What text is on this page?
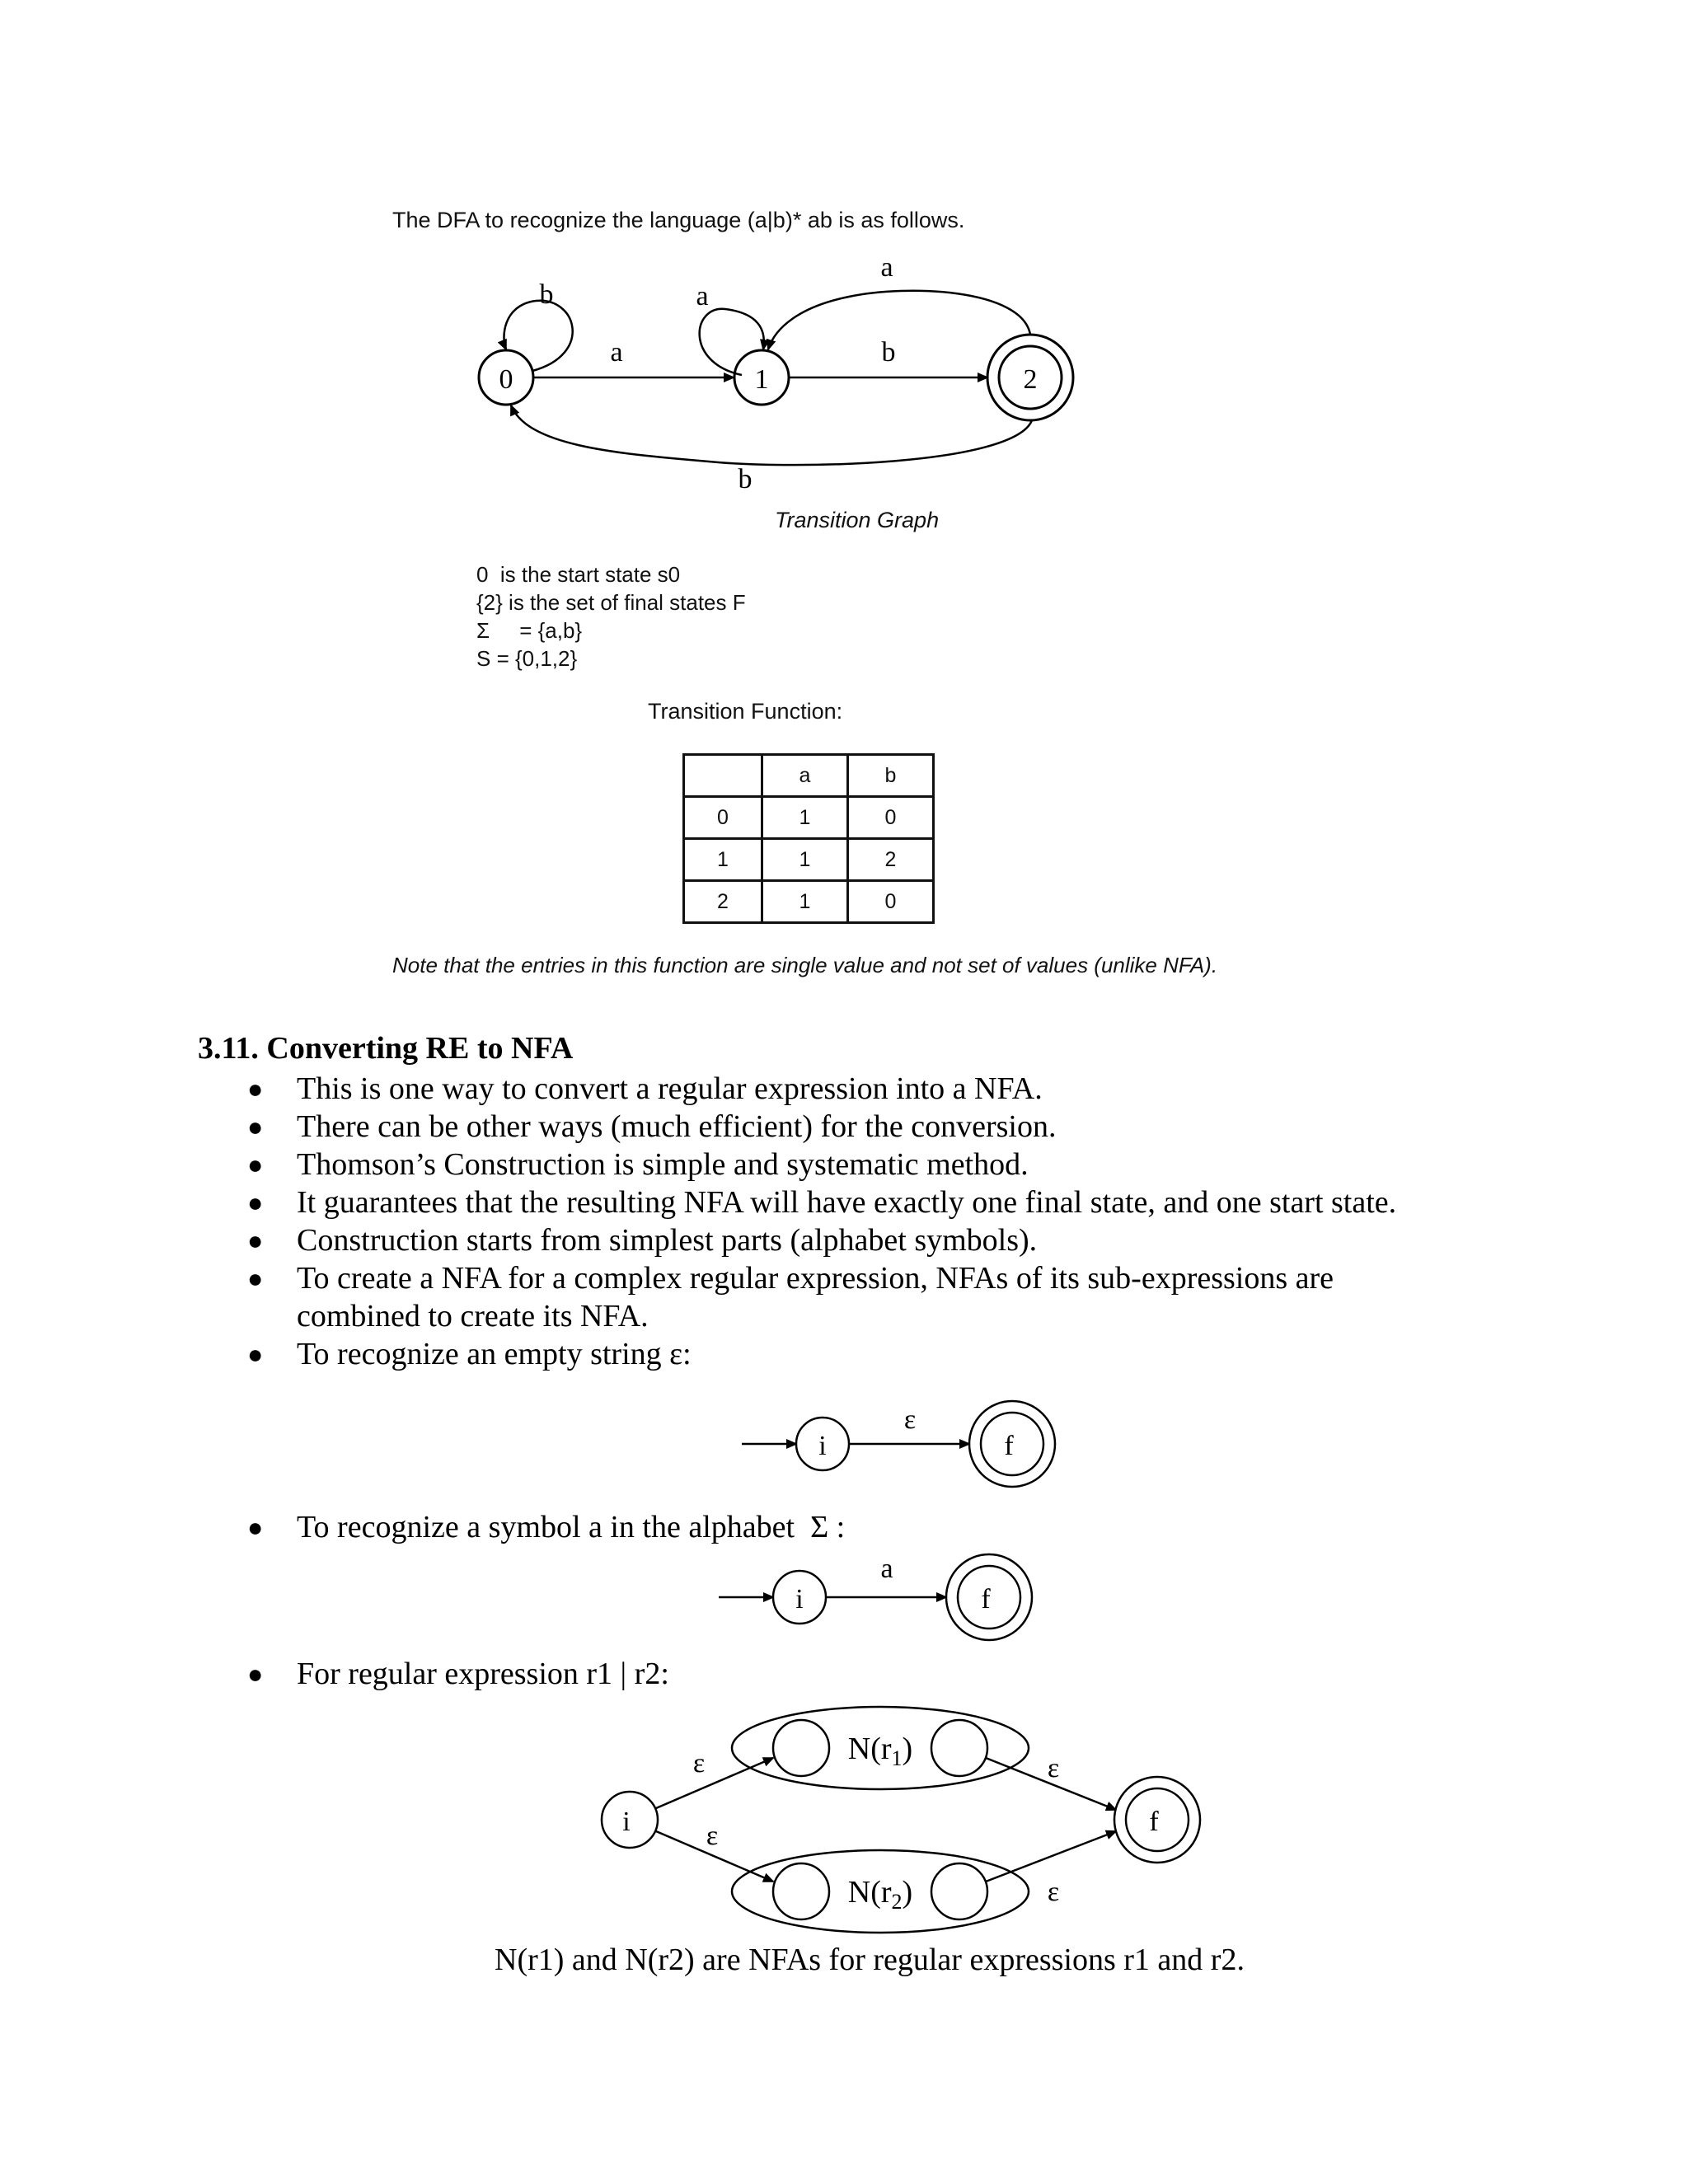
The DFA to recognize the language (a|b)* ab is as follows.
0	1	2
b
a
a
b
a
b
i
ε
f
i
a
f
i
$N(r_1)$
$N(r_2)$
ε
ε
ε
ε
f
Transition Graph
0  is the start state s0
{2} is the set of final states F
Σ     = {a,b}
S = {0,1,2}
Transition Function:
	a	b
0	1	0
1	1	2
2	1	0
Note that the entries in this function are single value and not set of values (unlike NFA).
3.11. Converting RE to NFA
● This is one way to convert a regular expression into a NFA.
● There can be other ways (much efficient) for the conversion.
● Thomson’s Construction is simple and systematic method.
● It guarantees that the resulting NFA will have exactly one final state, and one start state.
● Construction starts from simplest parts (alphabet symbols).
● To create a NFA for a complex regular expression, NFAs of its sub-expressions are combined to create its NFA.
● To recognize an empty string ε:
● To recognize a symbol a in the alphabet  Σ :
● For regular expression r1 | r2:
N(r1) and N(r2) are NFAs for regular expressions r1 and r2.
